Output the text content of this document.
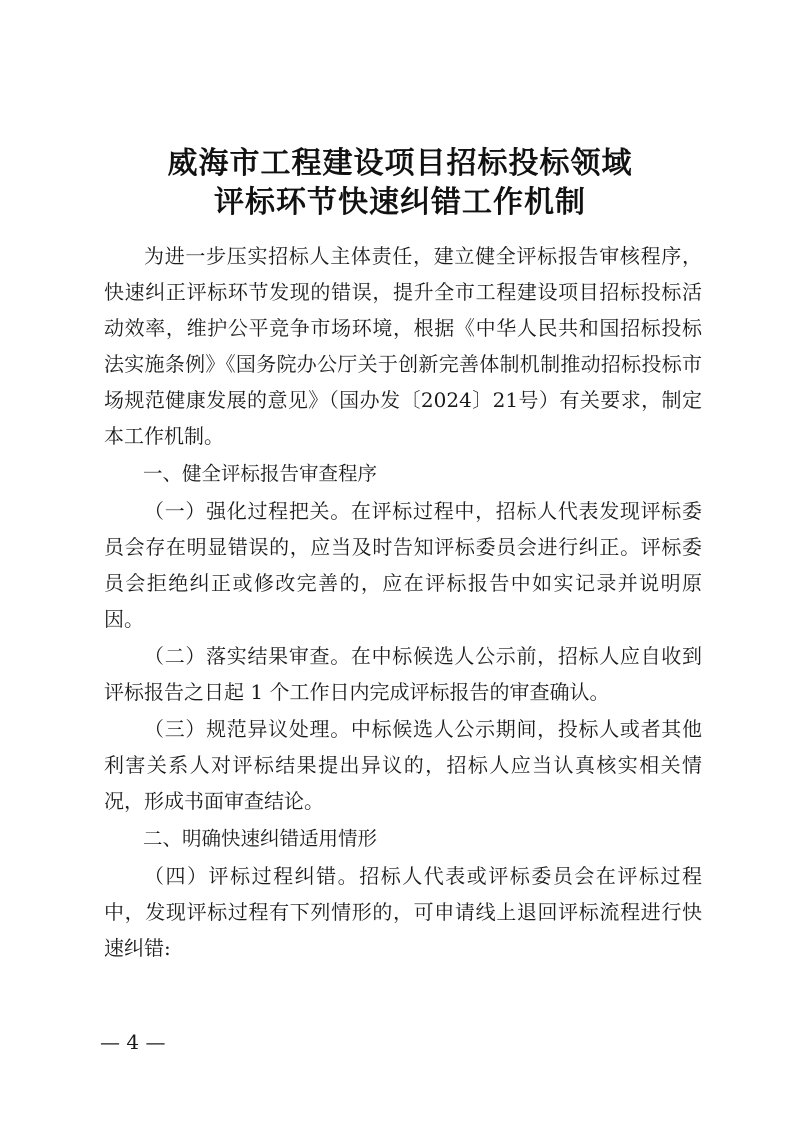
威海市工程建设项目招标投标领域
评标环节快速纠错工作机制

为进一步压实招标人主体责任，建立健全评标报告审核程序，快速纠正评标环节发现的错误，提升全市工程建设项目招标投标活动效率，维护公平竞争市场环境，根据《中华人民共和国招标投标法实施条例》《国务院办公厅关于创新完善体制机制推动招标投标市场规范健康发展的意见》（国办发〔2024〕21号）有关要求，制定本工作机制。

一、健全评标报告审查程序

（一）强化过程把关。在评标过程中，招标人代表发现评标委员会存在明显错误的，应当及时告知评标委员会进行纠正。评标委员会拒绝纠正或修改完善的，应在评标报告中如实记录并说明原因。

（二）落实结果审查。在中标候选人公示前，招标人应自收到评标报告之日起 1 个工作日内完成评标报告的审查确认。

（三）规范异议处理。中标候选人公示期间，投标人或者其他利害关系人对评标结果提出异议的，招标人应当认真核实相关情况，形成书面审查结论。

二、明确快速纠错适用情形

（四）评标过程纠错。招标人代表或评标委员会在评标过程中，发现评标过程有下列情形的，可申请线上退回评标流程进行快速纠错:

— 4 —
